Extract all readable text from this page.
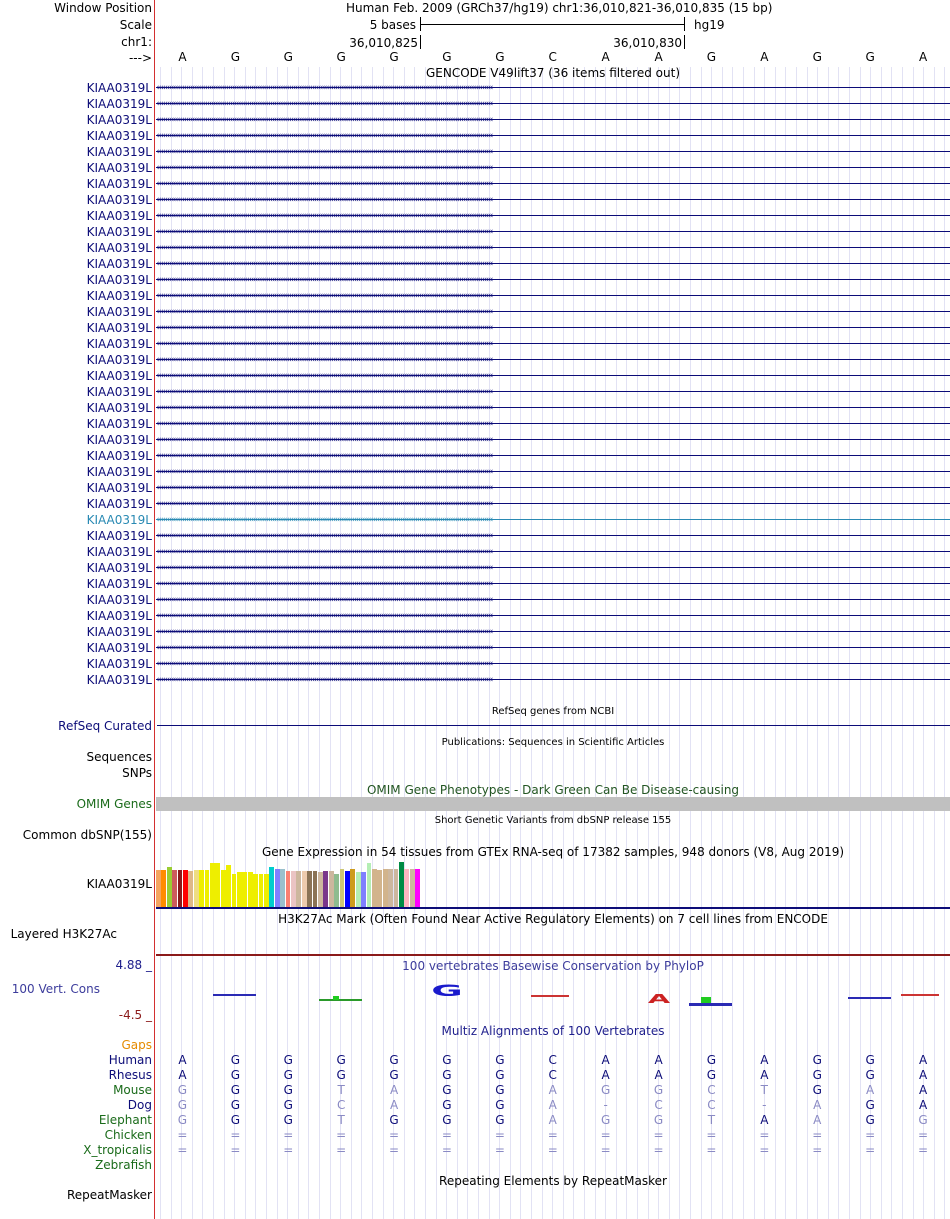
Window Position	Human Feb. 2009 (GRCh37/hg19) chr1:36,010,821-36,010,835 (15 bp)
Scale	5 bases	hg19
chr1:	36,010,825	36,010,830
--->	A	G	G	G	G	G	G	C	A	A	G	A	G	G	A
GENCODE V49lift37 (36 items filtered out)
KIAA0319L ‹‹‹‹‹‹‹‹‹‹‹‹‹‹‹‹‹‹‹‹‹‹‹‹‹‹‹‹‹‹‹‹‹‹‹‹‹‹‹‹‹‹‹‹‹‹‹‹‹‹‹‹‹‹‹‹‹‹‹‹‹‹‹‹‹‹‹‹‹‹‹‹‹‹‹‹‹‹‹‹‹‹‹‹‹‹‹‹‹‹‹‹‹‹‹‹‹‹‹‹‹‹‹‹‹‹‹‹‹‹‹‹‹‹‹‹‹‹‹‹‹‹‹‹‹‹‹‹‹‹‹‹‹‹‹‹‹‹‹‹‹‹‹‹‹‹‹‹‹‹‹‹‹‹‹‹‹‹‹‹
KIAA0319L ‹‹‹‹‹‹‹‹‹‹‹‹‹‹‹‹‹‹‹‹‹‹‹‹‹‹‹‹‹‹‹‹‹‹‹‹‹‹‹‹‹‹‹‹‹‹‹‹‹‹‹‹‹‹‹‹‹‹‹‹‹‹‹‹‹‹‹‹‹‹‹‹‹‹‹‹‹‹‹‹‹‹‹‹‹‹‹‹‹‹‹‹‹‹‹‹‹‹‹‹‹‹‹‹‹‹‹‹‹‹‹‹‹‹‹‹‹‹‹‹‹‹‹‹‹‹‹‹‹‹‹‹‹‹‹‹‹‹‹‹‹‹‹‹‹‹‹‹‹‹‹‹‹‹‹‹‹‹‹‹
KIAA0319L ‹‹‹‹‹‹‹‹‹‹‹‹‹‹‹‹‹‹‹‹‹‹‹‹‹‹‹‹‹‹‹‹‹‹‹‹‹‹‹‹‹‹‹‹‹‹‹‹‹‹‹‹‹‹‹‹‹‹‹‹‹‹‹‹‹‹‹‹‹‹‹‹‹‹‹‹‹‹‹‹‹‹‹‹‹‹‹‹‹‹‹‹‹‹‹‹‹‹‹‹‹‹‹‹‹‹‹‹‹‹‹‹‹‹‹‹‹‹‹‹‹‹‹‹‹‹‹‹‹‹‹‹‹‹‹‹‹‹‹‹‹‹‹‹‹‹‹‹‹‹‹‹‹‹‹‹‹‹‹‹
KIAA0319L ‹‹‹‹‹‹‹‹‹‹‹‹‹‹‹‹‹‹‹‹‹‹‹‹‹‹‹‹‹‹‹‹‹‹‹‹‹‹‹‹‹‹‹‹‹‹‹‹‹‹‹‹‹‹‹‹‹‹‹‹‹‹‹‹‹‹‹‹‹‹‹‹‹‹‹‹‹‹‹‹‹‹‹‹‹‹‹‹‹‹‹‹‹‹‹‹‹‹‹‹‹‹‹‹‹‹‹‹‹‹‹‹‹‹‹‹‹‹‹‹‹‹‹‹‹‹‹‹‹‹‹‹‹‹‹‹‹‹‹‹‹‹‹‹‹‹‹‹‹‹‹‹‹‹‹‹‹‹‹‹
KIAA0319L ‹‹‹‹‹‹‹‹‹‹‹‹‹‹‹‹‹‹‹‹‹‹‹‹‹‹‹‹‹‹‹‹‹‹‹‹‹‹‹‹‹‹‹‹‹‹‹‹‹‹‹‹‹‹‹‹‹‹‹‹‹‹‹‹‹‹‹‹‹‹‹‹‹‹‹‹‹‹‹‹‹‹‹‹‹‹‹‹‹‹‹‹‹‹‹‹‹‹‹‹‹‹‹‹‹‹‹‹‹‹‹‹‹‹‹‹‹‹‹‹‹‹‹‹‹‹‹‹‹‹‹‹‹‹‹‹‹‹‹‹‹‹‹‹‹‹‹‹‹‹‹‹‹‹‹‹‹‹‹‹
KIAA0319L ‹‹‹‹‹‹‹‹‹‹‹‹‹‹‹‹‹‹‹‹‹‹‹‹‹‹‹‹‹‹‹‹‹‹‹‹‹‹‹‹‹‹‹‹‹‹‹‹‹‹‹‹‹‹‹‹‹‹‹‹‹‹‹‹‹‹‹‹‹‹‹‹‹‹‹‹‹‹‹‹‹‹‹‹‹‹‹‹‹‹‹‹‹‹‹‹‹‹‹‹‹‹‹‹‹‹‹‹‹‹‹‹‹‹‹‹‹‹‹‹‹‹‹‹‹‹‹‹‹‹‹‹‹‹‹‹‹‹‹‹‹‹‹‹‹‹‹‹‹‹‹‹‹‹‹‹‹‹‹‹
KIAA0319L ‹‹‹‹‹‹‹‹‹‹‹‹‹‹‹‹‹‹‹‹‹‹‹‹‹‹‹‹‹‹‹‹‹‹‹‹‹‹‹‹‹‹‹‹‹‹‹‹‹‹‹‹‹‹‹‹‹‹‹‹‹‹‹‹‹‹‹‹‹‹‹‹‹‹‹‹‹‹‹‹‹‹‹‹‹‹‹‹‹‹‹‹‹‹‹‹‹‹‹‹‹‹‹‹‹‹‹‹‹‹‹‹‹‹‹‹‹‹‹‹‹‹‹‹‹‹‹‹‹‹‹‹‹‹‹‹‹‹‹‹‹‹‹‹‹‹‹‹‹‹‹‹‹‹‹‹‹‹‹‹
KIAA0319L ‹‹‹‹‹‹‹‹‹‹‹‹‹‹‹‹‹‹‹‹‹‹‹‹‹‹‹‹‹‹‹‹‹‹‹‹‹‹‹‹‹‹‹‹‹‹‹‹‹‹‹‹‹‹‹‹‹‹‹‹‹‹‹‹‹‹‹‹‹‹‹‹‹‹‹‹‹‹‹‹‹‹‹‹‹‹‹‹‹‹‹‹‹‹‹‹‹‹‹‹‹‹‹‹‹‹‹‹‹‹‹‹‹‹‹‹‹‹‹‹‹‹‹‹‹‹‹‹‹‹‹‹‹‹‹‹‹‹‹‹‹‹‹‹‹‹‹‹‹‹‹‹‹‹‹‹‹‹‹‹
KIAA0319L ‹‹‹‹‹‹‹‹‹‹‹‹‹‹‹‹‹‹‹‹‹‹‹‹‹‹‹‹‹‹‹‹‹‹‹‹‹‹‹‹‹‹‹‹‹‹‹‹‹‹‹‹‹‹‹‹‹‹‹‹‹‹‹‹‹‹‹‹‹‹‹‹‹‹‹‹‹‹‹‹‹‹‹‹‹‹‹‹‹‹‹‹‹‹‹‹‹‹‹‹‹‹‹‹‹‹‹‹‹‹‹‹‹‹‹‹‹‹‹‹‹‹‹‹‹‹‹‹‹‹‹‹‹‹‹‹‹‹‹‹‹‹‹‹‹‹‹‹‹‹‹‹‹‹‹‹‹‹‹‹
KIAA0319L ‹‹‹‹‹‹‹‹‹‹‹‹‹‹‹‹‹‹‹‹‹‹‹‹‹‹‹‹‹‹‹‹‹‹‹‹‹‹‹‹‹‹‹‹‹‹‹‹‹‹‹‹‹‹‹‹‹‹‹‹‹‹‹‹‹‹‹‹‹‹‹‹‹‹‹‹‹‹‹‹‹‹‹‹‹‹‹‹‹‹‹‹‹‹‹‹‹‹‹‹‹‹‹‹‹‹‹‹‹‹‹‹‹‹‹‹‹‹‹‹‹‹‹‹‹‹‹‹‹‹‹‹‹‹‹‹‹‹‹‹‹‹‹‹‹‹‹‹‹‹‹‹‹‹‹‹‹‹‹‹
KIAA0319L ‹‹‹‹‹‹‹‹‹‹‹‹‹‹‹‹‹‹‹‹‹‹‹‹‹‹‹‹‹‹‹‹‹‹‹‹‹‹‹‹‹‹‹‹‹‹‹‹‹‹‹‹‹‹‹‹‹‹‹‹‹‹‹‹‹‹‹‹‹‹‹‹‹‹‹‹‹‹‹‹‹‹‹‹‹‹‹‹‹‹‹‹‹‹‹‹‹‹‹‹‹‹‹‹‹‹‹‹‹‹‹‹‹‹‹‹‹‹‹‹‹‹‹‹‹‹‹‹‹‹‹‹‹‹‹‹‹‹‹‹‹‹‹‹‹‹‹‹‹‹‹‹‹‹‹‹‹‹‹‹
KIAA0319L ‹‹‹‹‹‹‹‹‹‹‹‹‹‹‹‹‹‹‹‹‹‹‹‹‹‹‹‹‹‹‹‹‹‹‹‹‹‹‹‹‹‹‹‹‹‹‹‹‹‹‹‹‹‹‹‹‹‹‹‹‹‹‹‹‹‹‹‹‹‹‹‹‹‹‹‹‹‹‹‹‹‹‹‹‹‹‹‹‹‹‹‹‹‹‹‹‹‹‹‹‹‹‹‹‹‹‹‹‹‹‹‹‹‹‹‹‹‹‹‹‹‹‹‹‹‹‹‹‹‹‹‹‹‹‹‹‹‹‹‹‹‹‹‹‹‹‹‹‹‹‹‹‹‹‹‹‹‹‹‹
KIAA0319L ‹‹‹‹‹‹‹‹‹‹‹‹‹‹‹‹‹‹‹‹‹‹‹‹‹‹‹‹‹‹‹‹‹‹‹‹‹‹‹‹‹‹‹‹‹‹‹‹‹‹‹‹‹‹‹‹‹‹‹‹‹‹‹‹‹‹‹‹‹‹‹‹‹‹‹‹‹‹‹‹‹‹‹‹‹‹‹‹‹‹‹‹‹‹‹‹‹‹‹‹‹‹‹‹‹‹‹‹‹‹‹‹‹‹‹‹‹‹‹‹‹‹‹‹‹‹‹‹‹‹‹‹‹‹‹‹‹‹‹‹‹‹‹‹‹‹‹‹‹‹‹‹‹‹‹‹‹‹‹‹
KIAA0319L ‹‹‹‹‹‹‹‹‹‹‹‹‹‹‹‹‹‹‹‹‹‹‹‹‹‹‹‹‹‹‹‹‹‹‹‹‹‹‹‹‹‹‹‹‹‹‹‹‹‹‹‹‹‹‹‹‹‹‹‹‹‹‹‹‹‹‹‹‹‹‹‹‹‹‹‹‹‹‹‹‹‹‹‹‹‹‹‹‹‹‹‹‹‹‹‹‹‹‹‹‹‹‹‹‹‹‹‹‹‹‹‹‹‹‹‹‹‹‹‹‹‹‹‹‹‹‹‹‹‹‹‹‹‹‹‹‹‹‹‹‹‹‹‹‹‹‹‹‹‹‹‹‹‹‹‹‹‹‹‹
KIAA0319L ‹‹‹‹‹‹‹‹‹‹‹‹‹‹‹‹‹‹‹‹‹‹‹‹‹‹‹‹‹‹‹‹‹‹‹‹‹‹‹‹‹‹‹‹‹‹‹‹‹‹‹‹‹‹‹‹‹‹‹‹‹‹‹‹‹‹‹‹‹‹‹‹‹‹‹‹‹‹‹‹‹‹‹‹‹‹‹‹‹‹‹‹‹‹‹‹‹‹‹‹‹‹‹‹‹‹‹‹‹‹‹‹‹‹‹‹‹‹‹‹‹‹‹‹‹‹‹‹‹‹‹‹‹‹‹‹‹‹‹‹‹‹‹‹‹‹‹‹‹‹‹‹‹‹‹‹‹‹‹‹
KIAA0319L ‹‹‹‹‹‹‹‹‹‹‹‹‹‹‹‹‹‹‹‹‹‹‹‹‹‹‹‹‹‹‹‹‹‹‹‹‹‹‹‹‹‹‹‹‹‹‹‹‹‹‹‹‹‹‹‹‹‹‹‹‹‹‹‹‹‹‹‹‹‹‹‹‹‹‹‹‹‹‹‹‹‹‹‹‹‹‹‹‹‹‹‹‹‹‹‹‹‹‹‹‹‹‹‹‹‹‹‹‹‹‹‹‹‹‹‹‹‹‹‹‹‹‹‹‹‹‹‹‹‹‹‹‹‹‹‹‹‹‹‹‹‹‹‹‹‹‹‹‹‹‹‹‹‹‹‹‹‹‹‹
KIAA0319L ‹‹‹‹‹‹‹‹‹‹‹‹‹‹‹‹‹‹‹‹‹‹‹‹‹‹‹‹‹‹‹‹‹‹‹‹‹‹‹‹‹‹‹‹‹‹‹‹‹‹‹‹‹‹‹‹‹‹‹‹‹‹‹‹‹‹‹‹‹‹‹‹‹‹‹‹‹‹‹‹‹‹‹‹‹‹‹‹‹‹‹‹‹‹‹‹‹‹‹‹‹‹‹‹‹‹‹‹‹‹‹‹‹‹‹‹‹‹‹‹‹‹‹‹‹‹‹‹‹‹‹‹‹‹‹‹‹‹‹‹‹‹‹‹‹‹‹‹‹‹‹‹‹‹‹‹‹‹‹‹
KIAA0319L ‹‹‹‹‹‹‹‹‹‹‹‹‹‹‹‹‹‹‹‹‹‹‹‹‹‹‹‹‹‹‹‹‹‹‹‹‹‹‹‹‹‹‹‹‹‹‹‹‹‹‹‹‹‹‹‹‹‹‹‹‹‹‹‹‹‹‹‹‹‹‹‹‹‹‹‹‹‹‹‹‹‹‹‹‹‹‹‹‹‹‹‹‹‹‹‹‹‹‹‹‹‹‹‹‹‹‹‹‹‹‹‹‹‹‹‹‹‹‹‹‹‹‹‹‹‹‹‹‹‹‹‹‹‹‹‹‹‹‹‹‹‹‹‹‹‹‹‹‹‹‹‹‹‹‹‹‹‹‹‹
KIAA0319L ‹‹‹‹‹‹‹‹‹‹‹‹‹‹‹‹‹‹‹‹‹‹‹‹‹‹‹‹‹‹‹‹‹‹‹‹‹‹‹‹‹‹‹‹‹‹‹‹‹‹‹‹‹‹‹‹‹‹‹‹‹‹‹‹‹‹‹‹‹‹‹‹‹‹‹‹‹‹‹‹‹‹‹‹‹‹‹‹‹‹‹‹‹‹‹‹‹‹‹‹‹‹‹‹‹‹‹‹‹‹‹‹‹‹‹‹‹‹‹‹‹‹‹‹‹‹‹‹‹‹‹‹‹‹‹‹‹‹‹‹‹‹‹‹‹‹‹‹‹‹‹‹‹‹‹‹‹‹‹‹
KIAA0319L ‹‹‹‹‹‹‹‹‹‹‹‹‹‹‹‹‹‹‹‹‹‹‹‹‹‹‹‹‹‹‹‹‹‹‹‹‹‹‹‹‹‹‹‹‹‹‹‹‹‹‹‹‹‹‹‹‹‹‹‹‹‹‹‹‹‹‹‹‹‹‹‹‹‹‹‹‹‹‹‹‹‹‹‹‹‹‹‹‹‹‹‹‹‹‹‹‹‹‹‹‹‹‹‹‹‹‹‹‹‹‹‹‹‹‹‹‹‹‹‹‹‹‹‹‹‹‹‹‹‹‹‹‹‹‹‹‹‹‹‹‹‹‹‹‹‹‹‹‹‹‹‹‹‹‹‹‹‹‹‹
KIAA0319L ‹‹‹‹‹‹‹‹‹‹‹‹‹‹‹‹‹‹‹‹‹‹‹‹‹‹‹‹‹‹‹‹‹‹‹‹‹‹‹‹‹‹‹‹‹‹‹‹‹‹‹‹‹‹‹‹‹‹‹‹‹‹‹‹‹‹‹‹‹‹‹‹‹‹‹‹‹‹‹‹‹‹‹‹‹‹‹‹‹‹‹‹‹‹‹‹‹‹‹‹‹‹‹‹‹‹‹‹‹‹‹‹‹‹‹‹‹‹‹‹‹‹‹‹‹‹‹‹‹‹‹‹‹‹‹‹‹‹‹‹‹‹‹‹‹‹‹‹‹‹‹‹‹‹‹‹‹‹‹‹
KIAA0319L ‹‹‹‹‹‹‹‹‹‹‹‹‹‹‹‹‹‹‹‹‹‹‹‹‹‹‹‹‹‹‹‹‹‹‹‹‹‹‹‹‹‹‹‹‹‹‹‹‹‹‹‹‹‹‹‹‹‹‹‹‹‹‹‹‹‹‹‹‹‹‹‹‹‹‹‹‹‹‹‹‹‹‹‹‹‹‹‹‹‹‹‹‹‹‹‹‹‹‹‹‹‹‹‹‹‹‹‹‹‹‹‹‹‹‹‹‹‹‹‹‹‹‹‹‹‹‹‹‹‹‹‹‹‹‹‹‹‹‹‹‹‹‹‹‹‹‹‹‹‹‹‹‹‹‹‹‹‹‹‹
KIAA0319L ‹‹‹‹‹‹‹‹‹‹‹‹‹‹‹‹‹‹‹‹‹‹‹‹‹‹‹‹‹‹‹‹‹‹‹‹‹‹‹‹‹‹‹‹‹‹‹‹‹‹‹‹‹‹‹‹‹‹‹‹‹‹‹‹‹‹‹‹‹‹‹‹‹‹‹‹‹‹‹‹‹‹‹‹‹‹‹‹‹‹‹‹‹‹‹‹‹‹‹‹‹‹‹‹‹‹‹‹‹‹‹‹‹‹‹‹‹‹‹‹‹‹‹‹‹‹‹‹‹‹‹‹‹‹‹‹‹‹‹‹‹‹‹‹‹‹‹‹‹‹‹‹‹‹‹‹‹‹‹‹
KIAA0319L ‹‹‹‹‹‹‹‹‹‹‹‹‹‹‹‹‹‹‹‹‹‹‹‹‹‹‹‹‹‹‹‹‹‹‹‹‹‹‹‹‹‹‹‹‹‹‹‹‹‹‹‹‹‹‹‹‹‹‹‹‹‹‹‹‹‹‹‹‹‹‹‹‹‹‹‹‹‹‹‹‹‹‹‹‹‹‹‹‹‹‹‹‹‹‹‹‹‹‹‹‹‹‹‹‹‹‹‹‹‹‹‹‹‹‹‹‹‹‹‹‹‹‹‹‹‹‹‹‹‹‹‹‹‹‹‹‹‹‹‹‹‹‹‹‹‹‹‹‹‹‹‹‹‹‹‹‹‹‹‹
KIAA0319L ‹‹‹‹‹‹‹‹‹‹‹‹‹‹‹‹‹‹‹‹‹‹‹‹‹‹‹‹‹‹‹‹‹‹‹‹‹‹‹‹‹‹‹‹‹‹‹‹‹‹‹‹‹‹‹‹‹‹‹‹‹‹‹‹‹‹‹‹‹‹‹‹‹‹‹‹‹‹‹‹‹‹‹‹‹‹‹‹‹‹‹‹‹‹‹‹‹‹‹‹‹‹‹‹‹‹‹‹‹‹‹‹‹‹‹‹‹‹‹‹‹‹‹‹‹‹‹‹‹‹‹‹‹‹‹‹‹‹‹‹‹‹‹‹‹‹‹‹‹‹‹‹‹‹‹‹‹‹‹‹
KIAA0319L ‹‹‹‹‹‹‹‹‹‹‹‹‹‹‹‹‹‹‹‹‹‹‹‹‹‹‹‹‹‹‹‹‹‹‹‹‹‹‹‹‹‹‹‹‹‹‹‹‹‹‹‹‹‹‹‹‹‹‹‹‹‹‹‹‹‹‹‹‹‹‹‹‹‹‹‹‹‹‹‹‹‹‹‹‹‹‹‹‹‹‹‹‹‹‹‹‹‹‹‹‹‹‹‹‹‹‹‹‹‹‹‹‹‹‹‹‹‹‹‹‹‹‹‹‹‹‹‹‹‹‹‹‹‹‹‹‹‹‹‹‹‹‹‹‹‹‹‹‹‹‹‹‹‹‹‹‹‹‹‹
KIAA0319L ‹‹‹‹‹‹‹‹‹‹‹‹‹‹‹‹‹‹‹‹‹‹‹‹‹‹‹‹‹‹‹‹‹‹‹‹‹‹‹‹‹‹‹‹‹‹‹‹‹‹‹‹‹‹‹‹‹‹‹‹‹‹‹‹‹‹‹‹‹‹‹‹‹‹‹‹‹‹‹‹‹‹‹‹‹‹‹‹‹‹‹‹‹‹‹‹‹‹‹‹‹‹‹‹‹‹‹‹‹‹‹‹‹‹‹‹‹‹‹‹‹‹‹‹‹‹‹‹‹‹‹‹‹‹‹‹‹‹‹‹‹‹‹‹‹‹‹‹‹‹‹‹‹‹‹‹‹‹‹‹
KIAA0319L ‹‹‹‹‹‹‹‹‹‹‹‹‹‹‹‹‹‹‹‹‹‹‹‹‹‹‹‹‹‹‹‹‹‹‹‹‹‹‹‹‹‹‹‹‹‹‹‹‹‹‹‹‹‹‹‹‹‹‹‹‹‹‹‹‹‹‹‹‹‹‹‹‹‹‹‹‹‹‹‹‹‹‹‹‹‹‹‹‹‹‹‹‹‹‹‹‹‹‹‹‹‹‹‹‹‹‹‹‹‹‹‹‹‹‹‹‹‹‹‹‹‹‹‹‹‹‹‹‹‹‹‹‹‹‹‹‹‹‹‹‹‹‹‹‹‹‹‹‹‹‹‹‹‹‹‹‹‹‹‹
KIAA0319L ‹‹‹‹‹‹‹‹‹‹‹‹‹‹‹‹‹‹‹‹‹‹‹‹‹‹‹‹‹‹‹‹‹‹‹‹‹‹‹‹‹‹‹‹‹‹‹‹‹‹‹‹‹‹‹‹‹‹‹‹‹‹‹‹‹‹‹‹‹‹‹‹‹‹‹‹‹‹‹‹‹‹‹‹‹‹‹‹‹‹‹‹‹‹‹‹‹‹‹‹‹‹‹‹‹‹‹‹‹‹‹‹‹‹‹‹‹‹‹‹‹‹‹‹‹‹‹‹‹‹‹‹‹‹‹‹‹‹‹‹‹‹‹‹‹‹‹‹‹‹‹‹‹‹‹‹‹‹‹‹
KIAA0319L ‹‹‹‹‹‹‹‹‹‹‹‹‹‹‹‹‹‹‹‹‹‹‹‹‹‹‹‹‹‹‹‹‹‹‹‹‹‹‹‹‹‹‹‹‹‹‹‹‹‹‹‹‹‹‹‹‹‹‹‹‹‹‹‹‹‹‹‹‹‹‹‹‹‹‹‹‹‹‹‹‹‹‹‹‹‹‹‹‹‹‹‹‹‹‹‹‹‹‹‹‹‹‹‹‹‹‹‹‹‹‹‹‹‹‹‹‹‹‹‹‹‹‹‹‹‹‹‹‹‹‹‹‹‹‹‹‹‹‹‹‹‹‹‹‹‹‹‹‹‹‹‹‹‹‹‹‹‹‹‹
KIAA0319L ‹‹‹‹‹‹‹‹‹‹‹‹‹‹‹‹‹‹‹‹‹‹‹‹‹‹‹‹‹‹‹‹‹‹‹‹‹‹‹‹‹‹‹‹‹‹‹‹‹‹‹‹‹‹‹‹‹‹‹‹‹‹‹‹‹‹‹‹‹‹‹‹‹‹‹‹‹‹‹‹‹‹‹‹‹‹‹‹‹‹‹‹‹‹‹‹‹‹‹‹‹‹‹‹‹‹‹‹‹‹‹‹‹‹‹‹‹‹‹‹‹‹‹‹‹‹‹‹‹‹‹‹‹‹‹‹‹‹‹‹‹‹‹‹‹‹‹‹‹‹‹‹‹‹‹‹‹‹‹‹
KIAA0319L ‹‹‹‹‹‹‹‹‹‹‹‹‹‹‹‹‹‹‹‹‹‹‹‹‹‹‹‹‹‹‹‹‹‹‹‹‹‹‹‹‹‹‹‹‹‹‹‹‹‹‹‹‹‹‹‹‹‹‹‹‹‹‹‹‹‹‹‹‹‹‹‹‹‹‹‹‹‹‹‹‹‹‹‹‹‹‹‹‹‹‹‹‹‹‹‹‹‹‹‹‹‹‹‹‹‹‹‹‹‹‹‹‹‹‹‹‹‹‹‹‹‹‹‹‹‹‹‹‹‹‹‹‹‹‹‹‹‹‹‹‹‹‹‹‹‹‹‹‹‹‹‹‹‹‹‹‹‹‹‹
KIAA0319L ‹‹‹‹‹‹‹‹‹‹‹‹‹‹‹‹‹‹‹‹‹‹‹‹‹‹‹‹‹‹‹‹‹‹‹‹‹‹‹‹‹‹‹‹‹‹‹‹‹‹‹‹‹‹‹‹‹‹‹‹‹‹‹‹‹‹‹‹‹‹‹‹‹‹‹‹‹‹‹‹‹‹‹‹‹‹‹‹‹‹‹‹‹‹‹‹‹‹‹‹‹‹‹‹‹‹‹‹‹‹‹‹‹‹‹‹‹‹‹‹‹‹‹‹‹‹‹‹‹‹‹‹‹‹‹‹‹‹‹‹‹‹‹‹‹‹‹‹‹‹‹‹‹‹‹‹‹‹‹‹
KIAA0319L ‹‹‹‹‹‹‹‹‹‹‹‹‹‹‹‹‹‹‹‹‹‹‹‹‹‹‹‹‹‹‹‹‹‹‹‹‹‹‹‹‹‹‹‹‹‹‹‹‹‹‹‹‹‹‹‹‹‹‹‹‹‹‹‹‹‹‹‹‹‹‹‹‹‹‹‹‹‹‹‹‹‹‹‹‹‹‹‹‹‹‹‹‹‹‹‹‹‹‹‹‹‹‹‹‹‹‹‹‹‹‹‹‹‹‹‹‹‹‹‹‹‹‹‹‹‹‹‹‹‹‹‹‹‹‹‹‹‹‹‹‹‹‹‹‹‹‹‹‹‹‹‹‹‹‹‹‹‹‹‹
KIAA0319L ‹‹‹‹‹‹‹‹‹‹‹‹‹‹‹‹‹‹‹‹‹‹‹‹‹‹‹‹‹‹‹‹‹‹‹‹‹‹‹‹‹‹‹‹‹‹‹‹‹‹‹‹‹‹‹‹‹‹‹‹‹‹‹‹‹‹‹‹‹‹‹‹‹‹‹‹‹‹‹‹‹‹‹‹‹‹‹‹‹‹‹‹‹‹‹‹‹‹‹‹‹‹‹‹‹‹‹‹‹‹‹‹‹‹‹‹‹‹‹‹‹‹‹‹‹‹‹‹‹‹‹‹‹‹‹‹‹‹‹‹‹‹‹‹‹‹‹‹‹‹‹‹‹‹‹‹‹‹‹‹
KIAA0319L ‹‹‹‹‹‹‹‹‹‹‹‹‹‹‹‹‹‹‹‹‹‹‹‹‹‹‹‹‹‹‹‹‹‹‹‹‹‹‹‹‹‹‹‹‹‹‹‹‹‹‹‹‹‹‹‹‹‹‹‹‹‹‹‹‹‹‹‹‹‹‹‹‹‹‹‹‹‹‹‹‹‹‹‹‹‹‹‹‹‹‹‹‹‹‹‹‹‹‹‹‹‹‹‹‹‹‹‹‹‹‹‹‹‹‹‹‹‹‹‹‹‹‹‹‹‹‹‹‹‹‹‹‹‹‹‹‹‹‹‹‹‹‹‹‹‹‹‹‹‹‹‹‹‹‹‹‹‹‹‹
KIAA0319L ‹‹‹‹‹‹‹‹‹‹‹‹‹‹‹‹‹‹‹‹‹‹‹‹‹‹‹‹‹‹‹‹‹‹‹‹‹‹‹‹‹‹‹‹‹‹‹‹‹‹‹‹‹‹‹‹‹‹‹‹‹‹‹‹‹‹‹‹‹‹‹‹‹‹‹‹‹‹‹‹‹‹‹‹‹‹‹‹‹‹‹‹‹‹‹‹‹‹‹‹‹‹‹‹‹‹‹‹‹‹‹‹‹‹‹‹‹‹‹‹‹‹‹‹‹‹‹‹‹‹‹‹‹‹‹‹‹‹‹‹‹‹‹‹‹‹‹‹‹‹‹‹‹‹‹‹‹‹‹‹
KIAA0319L ‹‹‹‹‹‹‹‹‹‹‹‹‹‹‹‹‹‹‹‹‹‹‹‹‹‹‹‹‹‹‹‹‹‹‹‹‹‹‹‹‹‹‹‹‹‹‹‹‹‹‹‹‹‹‹‹‹‹‹‹‹‹‹‹‹‹‹‹‹‹‹‹‹‹‹‹‹‹‹‹‹‹‹‹‹‹‹‹‹‹‹‹‹‹‹‹‹‹‹‹‹‹‹‹‹‹‹‹‹‹‹‹‹‹‹‹‹‹‹‹‹‹‹‹‹‹‹‹‹‹‹‹‹‹‹‹‹‹‹‹‹‹‹‹‹‹‹‹‹‹‹‹‹‹‹‹‹‹‹‹
RefSeq genes from NCBI
RefSeq Curated
Publications: Sequences in Scientific Articles
Sequences
SNPs
OMIM Gene Phenotypes - Dark Green Can Be Disease-causing
OMIM Genes
Short Genetic Variants from dbSNP release 155
Common dbSNP(155)
Gene Expression in 54 tissues from GTEx RNA-seq of 17382 samples, 948 donors (V8, Aug 2019)
KIAA0319L
H3K27Ac Mark (Often Found Near Active Regulatory Elements) on 7 cell lines from ENCODE
Layered H3K27Ac
4.88 _	100 vertebrates Basewise Conservation by PhyloP
100 Vert. Cons
-4.5 _
G	A
Multiz Alignments of 100 Vertebrates
Gaps
Human	A	G	G	G	G	G	G	C	A	A	G	A	G	G	A
Rhesus	A	G	G	G	G	G	G	C	A	A	G	A	G	G	A
Mouse	G	G	G	T	A	G	G	A	G	G	C	T	G	A	A
Dog	G	G	G	C	A	G	G	A	-	C	C	-	A	G	A
Elephant	G	G	G	T	G	G	G	A	G	G	T	A	A	G	G
Chicken	=	=	=	=	=	=	=	=	=	=	=	=	=	=	=
X_tropicalis	=	=	=	=	=	=	=	=	=	=	=	=	=	=	=
Zebrafish
Repeating Elements by RepeatMasker
RepeatMasker
